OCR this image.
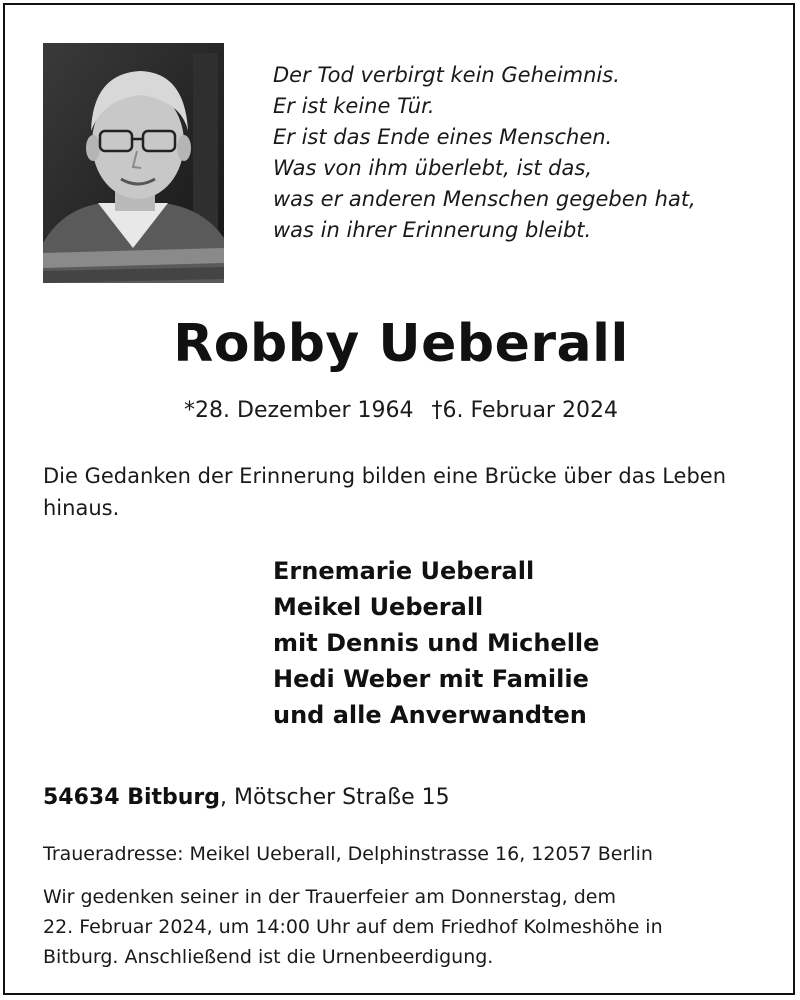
Der Tod verbirgt kein Geheimnis.
Er ist keine Tür.
Er ist das Ende eines Menschen.
Was von ihm überlebt, ist das,
was er anderen Menschen gegeben hat,
was in ihrer Erinnerung bleibt.
Robby Ueberall
*28. Dezember 1964 †6. Februar 2024
Die Gedanken der Erinnerung bilden eine Brücke über das Leben hinaus.
Ernemarie Ueberall
Meikel Ueberall
mit Dennis und Michelle
Hedi Weber mit Familie
und alle Anverwandten
54634 Bitburg, Mötscher Straße 15
Traueradresse: Meikel Ueberall, Delphinstrasse 16, 12057 Berlin
Wir gedenken seiner in der Trauerfeier am Donnerstag, dem
22. Februar 2024, um 14:00 Uhr auf dem Friedhof Kolmeshöhe in
Bitburg. Anschließend ist die Urnenbeerdigung.
